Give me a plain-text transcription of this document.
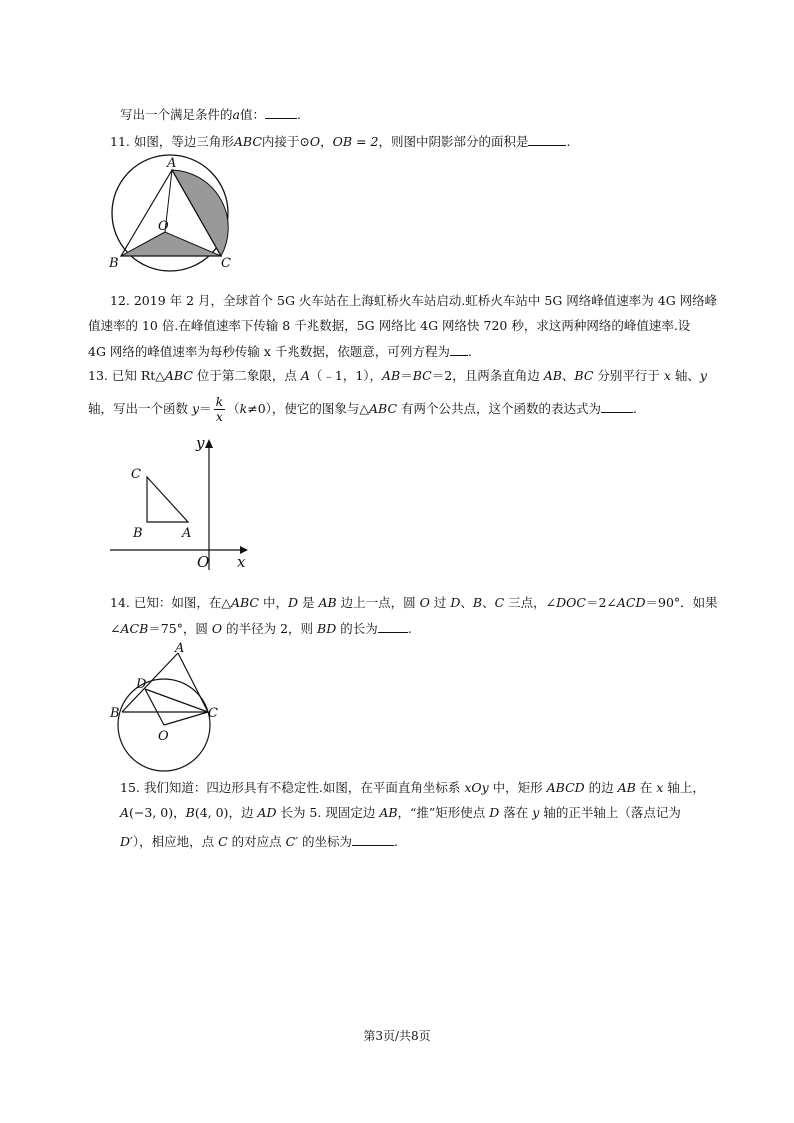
写出一个满足条件的a值：	.
11. 如图，等边三角形ABC内接于⊙O，OB = 2，则图中阴影部分的面积是	.
A
B	C
O
12. 2019 年 2 月，全球首个 5G 火车站在上海虹桥火车站启动.虹桥火车站中 5G 网络峰值速率为 4G 网络峰
值速率的 10 倍.在峰值速率下传输 8 千兆数据，5G 网络比 4G 网络快 720 秒，求这两种网络的峰值速率.设
4G 网络的峰值速率为每秒传输 x 千兆数据，依题意，可列方程为 .
13. 已知 Rt△ABC 位于第二象限，点 A（﹣1，1），AB＝BC＝2，且两条直角边 AB、BC 分别平行于 x 轴、y
轴，写出一个函数 $y= \frac{k}{x} (k\ne 0)$，使它的图象与△ABC 有两个公共点，这个函数的表达式为	.
C
B	A
y
O x
14. 已知：如图，在△ABC 中，D 是 AB 边上一点，圆 O 过 D、B、C 三点，∠DOC＝2∠ACD＝90°．如果
∠ACB＝75°，圆 O 的半径为 2，则 BD 的长为 .
A
D
B	C
O
15. 我们知道：四边形具有不稳定性.如图，在平面直角坐标系 xOy 中，矩形 ABCD 的边 AB 在 x 轴上，
A(−3, 0)，B(4, 0)，边 AD 长为 5. 现固定边 AB，“推”矩形使点 D 落在 y 轴的正半轴上（落点记为
D′），相应地，点 C 的对应点 C′ 的坐标为	.
第3页/共8页
